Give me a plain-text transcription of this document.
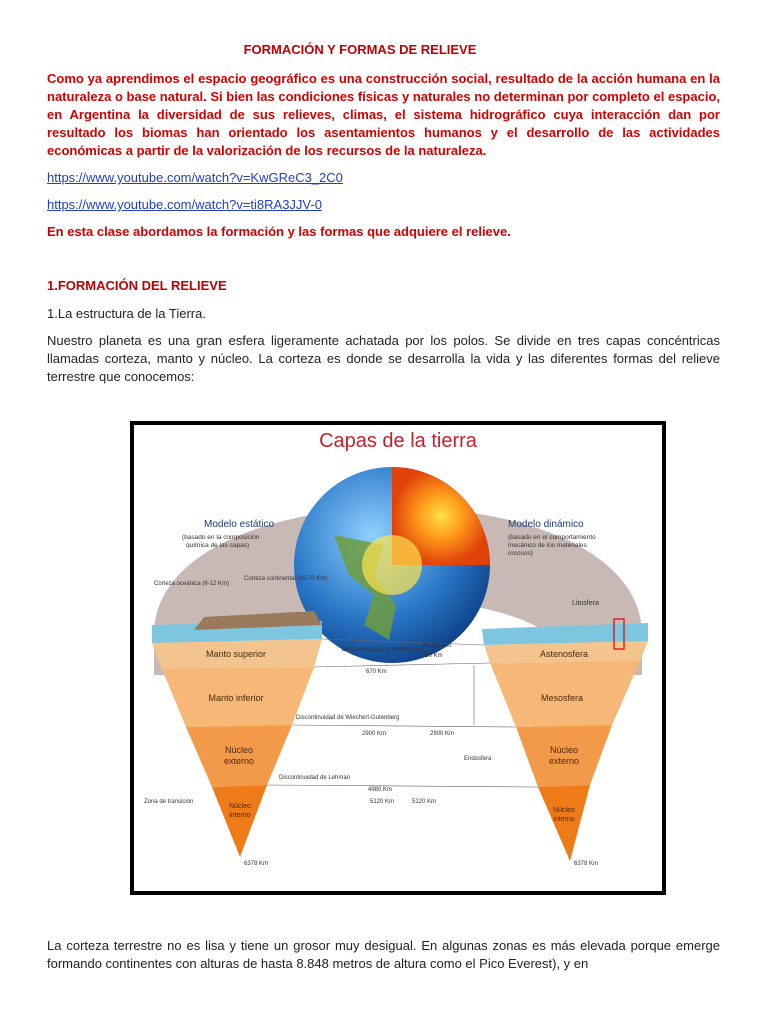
FORMACIÓN Y FORMAS DE RELIEVE

Como ya aprendimos el espacio geográfico es una construcción social, resultado de la acción humana en la naturaleza o base natural. Si bien las condiciones físicas y naturales no determinan por completo el espacio, en Argentina la diversidad de sus relieves, climas, el sistema hidrográfico cuya interacción dan por resultado los biomas han orientado los asentamientos humanos y el desarrollo de las actividades económicas a partir de la valorización de los recursos de la naturaleza.

https://www.youtube.com/watch?v=KwGReC3_2C0
https://www.youtube.com/watch?v=ti8RA3JJV-0

En esta clase abordamos la formación y las formas que adquiere el relieve.

1.FORMACIÓN DEL RELIEVE

1.La estructura de la Tierra.

Nuestro planeta es una gran esfera ligeramente achatada por los polos. Se divide en tres capas concéntricas llamadas corteza, manto y núcleo. La corteza es donde se desarrolla la vida y las diferentes formas del relieve terrestre que conocemos:

Capas de la tierra
Modelo estático
(basado en la composición
química de las capas)
Modelo dinámico
(basado en el comportamiento
mecánico de los materiales
rocosos)
Corteza oceánica (6-12 Km)
Corteza continental (25-70 Km)
Litosfera
Manto superior
Manto inferior
Núcleo
externo
Núcleo
interno
Astenosfera
Mesosfera
Núcleo
externo
Núcleo
interno
Discontinuidad de Mohorovicic
Discontinuidad de Wiechert-Gutenberg
Discontinuidad de Lehman
Zona de transición
Endosfera
75-100 Km
350 Km
670 Km
2900 Km	2900 Km
4980 Km
5120 Km	5120 Km
6378 Km	6378 Km

La corteza terrestre no es lisa y tiene un grosor muy desigual. En algunas zonas es más elevada porque emerge formando continentes con alturas de hasta 8.848 metros de altura como el Pico Everest), y en
